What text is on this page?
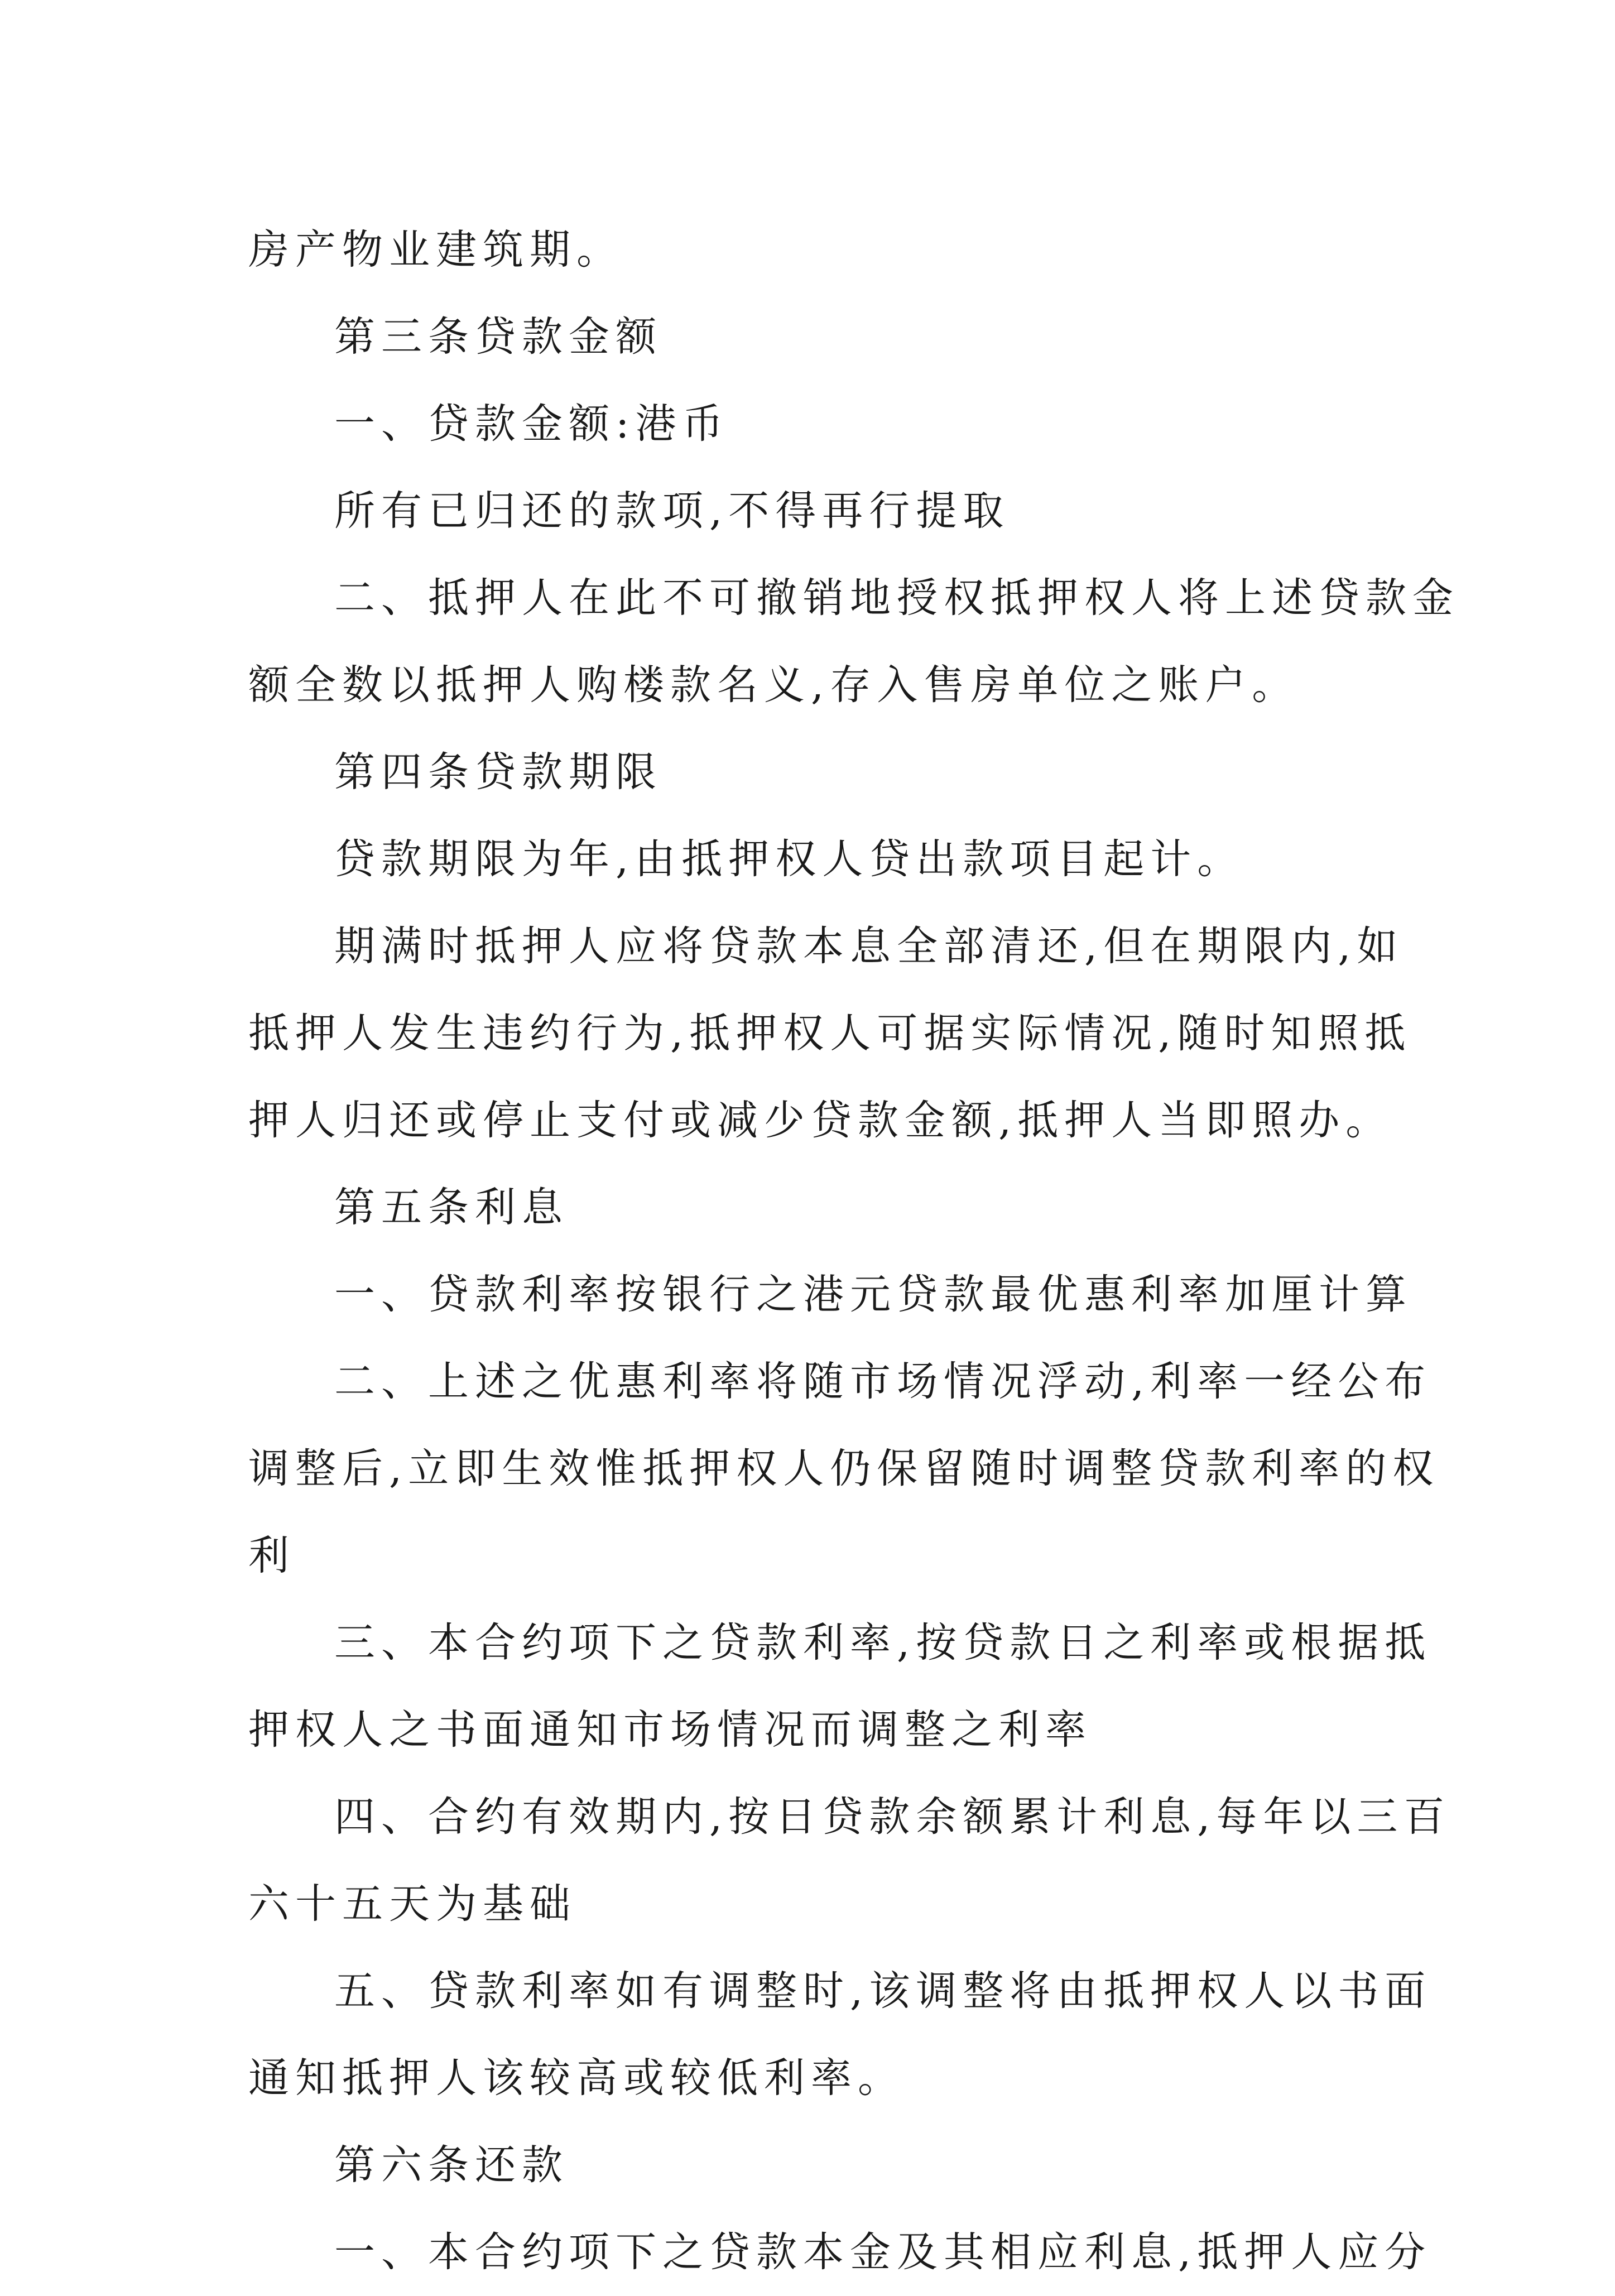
房产物业建筑期。
第三条贷款金额
一、贷款金额:港币
所有已归还的款项,不得再行提取
二、抵押人在此不可撤销地授权抵押权人将上述贷款金
额全数以抵押人购楼款名义,存入售房单位之账户。
第四条贷款期限
贷款期限为年,由抵押权人贷出款项目起计。
期满时抵押人应将贷款本息全部清还,但在期限内,如
抵押人发生违约行为,抵押权人可据实际情况,随时知照抵
押人归还或停止支付或减少贷款金额,抵押人当即照办。
第五条利息
一、贷款利率按银行之港元贷款最优惠利率加厘计算
二、上述之优惠利率将随市场情况浮动,利率一经公布
调整后,立即生效惟抵押权人仍保留随时调整贷款利率的权
利
三、本合约项下之贷款利率,按贷款日之利率或根据抵
押权人之书面通知市场情况而调整之利率
四、合约有效期内,按日贷款余额累计利息,每年以三百
六十五天为基础
五、贷款利率如有调整时,该调整将由抵押权人以书面
通知抵押人该较高或较低利率。
第六条还款
一、本合约项下之贷款本金及其相应利息,抵押人应分
